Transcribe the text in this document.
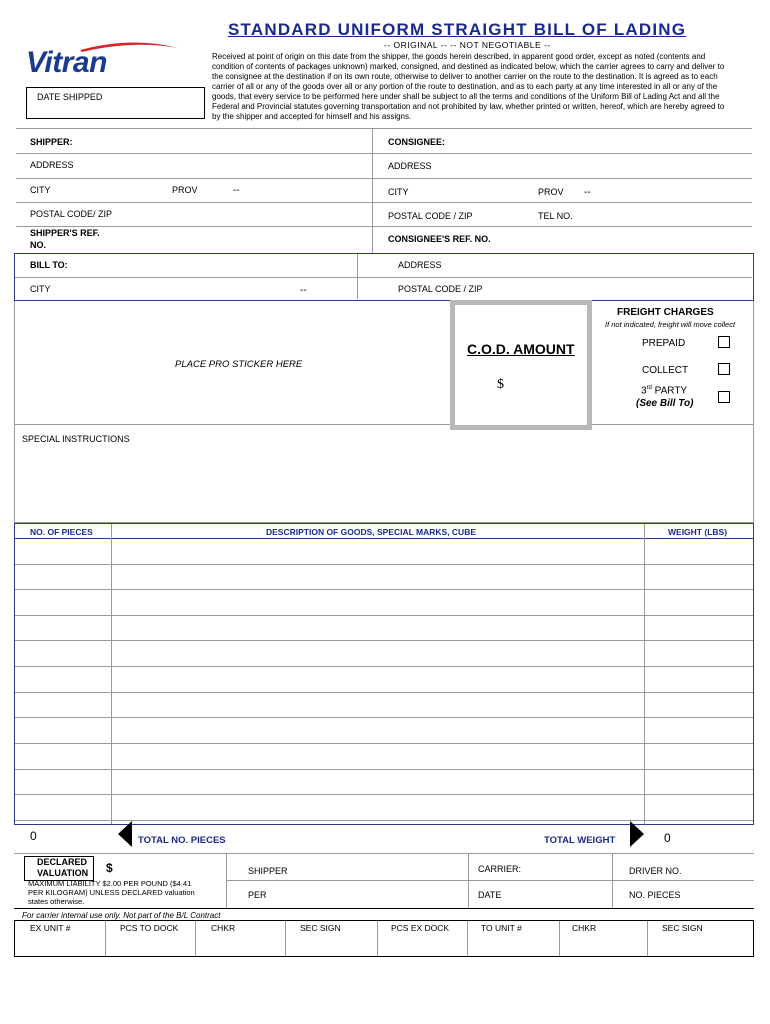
Vitran
STANDARD UNIFORM STRAIGHT BILL OF LADING
-- ORIGINAL -- -- NOT NEGOTIABLE --
Received at point of origin on this date from the shipper, the goods herein described, in apparent good order, except as noted (contents and
condition of contents of packages unknown) marked, consigned, and destined as indicated below, which the carrier agrees to carry and deliver to
the consignee at the destination if on its own route, otherwise to deliver to another carrier on the route to the destination. It is agreed as to each
carrier of all or any of the goods over all or any portion of the route to destination, and as to each party at any time interested in all or any of the
goods, that every service to be performed here under shall be subject to all the terms and conditions of the Uniform Bill of Lading Act and all the
Federal and Provincial statutes governing transportation and not prohibited by law, whether printed or written, hereof, which are hereby agreed to
by the shipper and accepted for himself and his assigns.
DATE SHIPPED
SHIPPER:
ADDRESS
CITY	PROV	--
POSTAL CODE/ ZIP
SHIPPER'S REF.
NO.
CONSIGNEE:
ADDRESS
CITY	PROV --
POSTAL CODE / ZIP	TEL NO.
CONSIGNEE'S REF. NO.
BILL TO:	ADDRESS
CITY	--	POSTAL CODE / ZIP
PLACE PRO STICKER HERE
C.O.D. AMOUNT
$
FREIGHT CHARGES
If not indicated, freight will move collect
PREPAID
COLLECT
3rd PARTY
(See Bill To)
SPECIAL INSTRUCTIONS
NO. OF PIECES	DESCRIPTION OF GOODS, SPECIAL MARKS, CUBE	WEIGHT (LBS)
0	TOTAL NO. PIECES	TOTAL WEIGHT	0
DECLARED
VALUATION $
MAXIMUM LIABILITY $2.00 PER POUND ($4.41
PER KILOGRAM) UNLESS DECLARED valuation
states otherwise.
SHIPPER
PER
CARRIER:
DATE
DRIVER NO.
NO. PIECES
For carrier internal use only. Not part of the B/L Contract
EX UNIT #	PCS TO DOCK	CHKR	SEC SIGN	PCS EX DOCK	TO UNIT #	CHKR	SEC SIGN
